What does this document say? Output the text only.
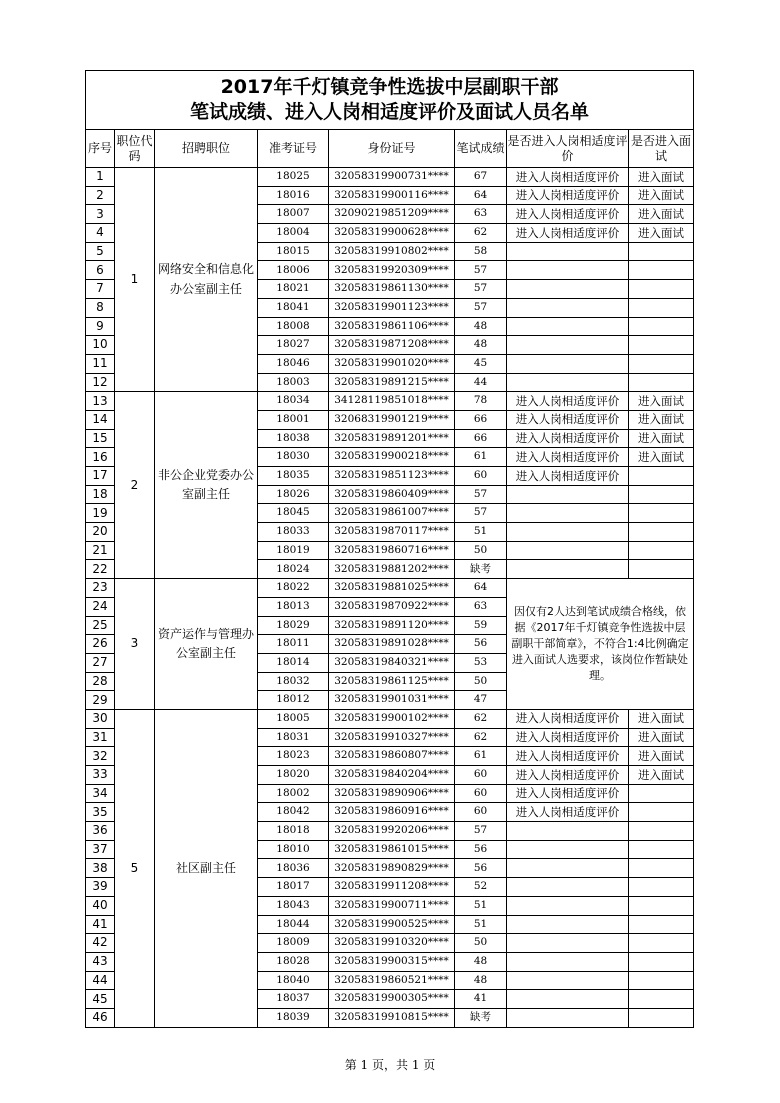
2017年千灯镇竞争性选拔中层副职干部
笔试成绩、进入人岗相适度评价及面试人员名单							

序号	职位代码	招聘职位	准考证号	身份证号	笔试成绩	是否进入人岗相适度评价	是否进入面试
1	1	网络安全和信息化办公室副主任	18025	32058319900731****	67	进入人岗相适度评价	进入面试
2			18016	32058319900116****	64	进入人岗相适度评价	进入面试
3			18007	32090219851209****	63	进入人岗相适度评价	进入面试
4			18004	32058319900628****	62	进入人岗相适度评价	进入面试
5			18015	32058319910802****	58		
6			18006	32058319920309****	57		
7			18021	32058319861130****	57		
8			18041	32058319901123****	57		
9			18008	32058319861106****	48		
10			18027	32058319871208****	48		
11			18046	32058319901020****	45		
12			18003	32058319891215****	44		
13	2	非公企业党委办公室副主任	18034	34128119851018****	78	进入人岗相适度评价	进入面试
14			18001	32068319901219****	66	进入人岗相适度评价	进入面试
15			18038	32058319891201****	66	进入人岗相适度评价	进入面试
16			18030	32058319900218****	61	进入人岗相适度评价	进入面试
17			18035	32058319851123****	60	进入人岗相适度评价	
18			18026	32058319860409****	57		
19			18045	32058319861007****	57		
20			18033	32058319870117****	51		
21			18019	32058319860716****	50		
22			18024	32058319881202****	缺考		
23	3	资产运作与管理办公室副主任	18022	32058319881025****	64	因仅有2人达到笔试成绩合格线，依据《2017年千灯镇竞争性选拔中层副职干部简章》，不符合1:4比例确定进入面试人选要求，该岗位作暂缺处理。	
24			18013	32058319870922****	63		
25			18029	32058319891120****	59		
26			18011	32058319891028****	56		
27			18014	32058319840321****	53		
28			18032	32058319861125****	50		
29			18012	32058319901031****	47		
30	5	社区副主任	18005	32058319900102****	62	进入人岗相适度评价	进入面试
31			18031	32058319910327****	62	进入人岗相适度评价	进入面试
32			18023	32058319860807****	61	进入人岗相适度评价	进入面试
33			18020	32058319840204****	60	进入人岗相适度评价	进入面试
34			18002	32058319890906****	60	进入人岗相适度评价	
35			18042	32058319860916****	60	进入人岗相适度评价	
36			18018	32058319920206****	57		
37			18010	32058319861015****	56		
38			18036	32058319890829****	56		
39			18017	32058319911208****	52		
40			18043	32058319900711****	51		
41			18044	32058319900525****	51		
42			18009	32058319910320****	50		
43			18028	32058319900315****	48		
44			18040	32058319860521****	48		
45			18037	32058319900305****	41		
46			18039	32058319910815****	缺考		
第 1 页，共 1 页
